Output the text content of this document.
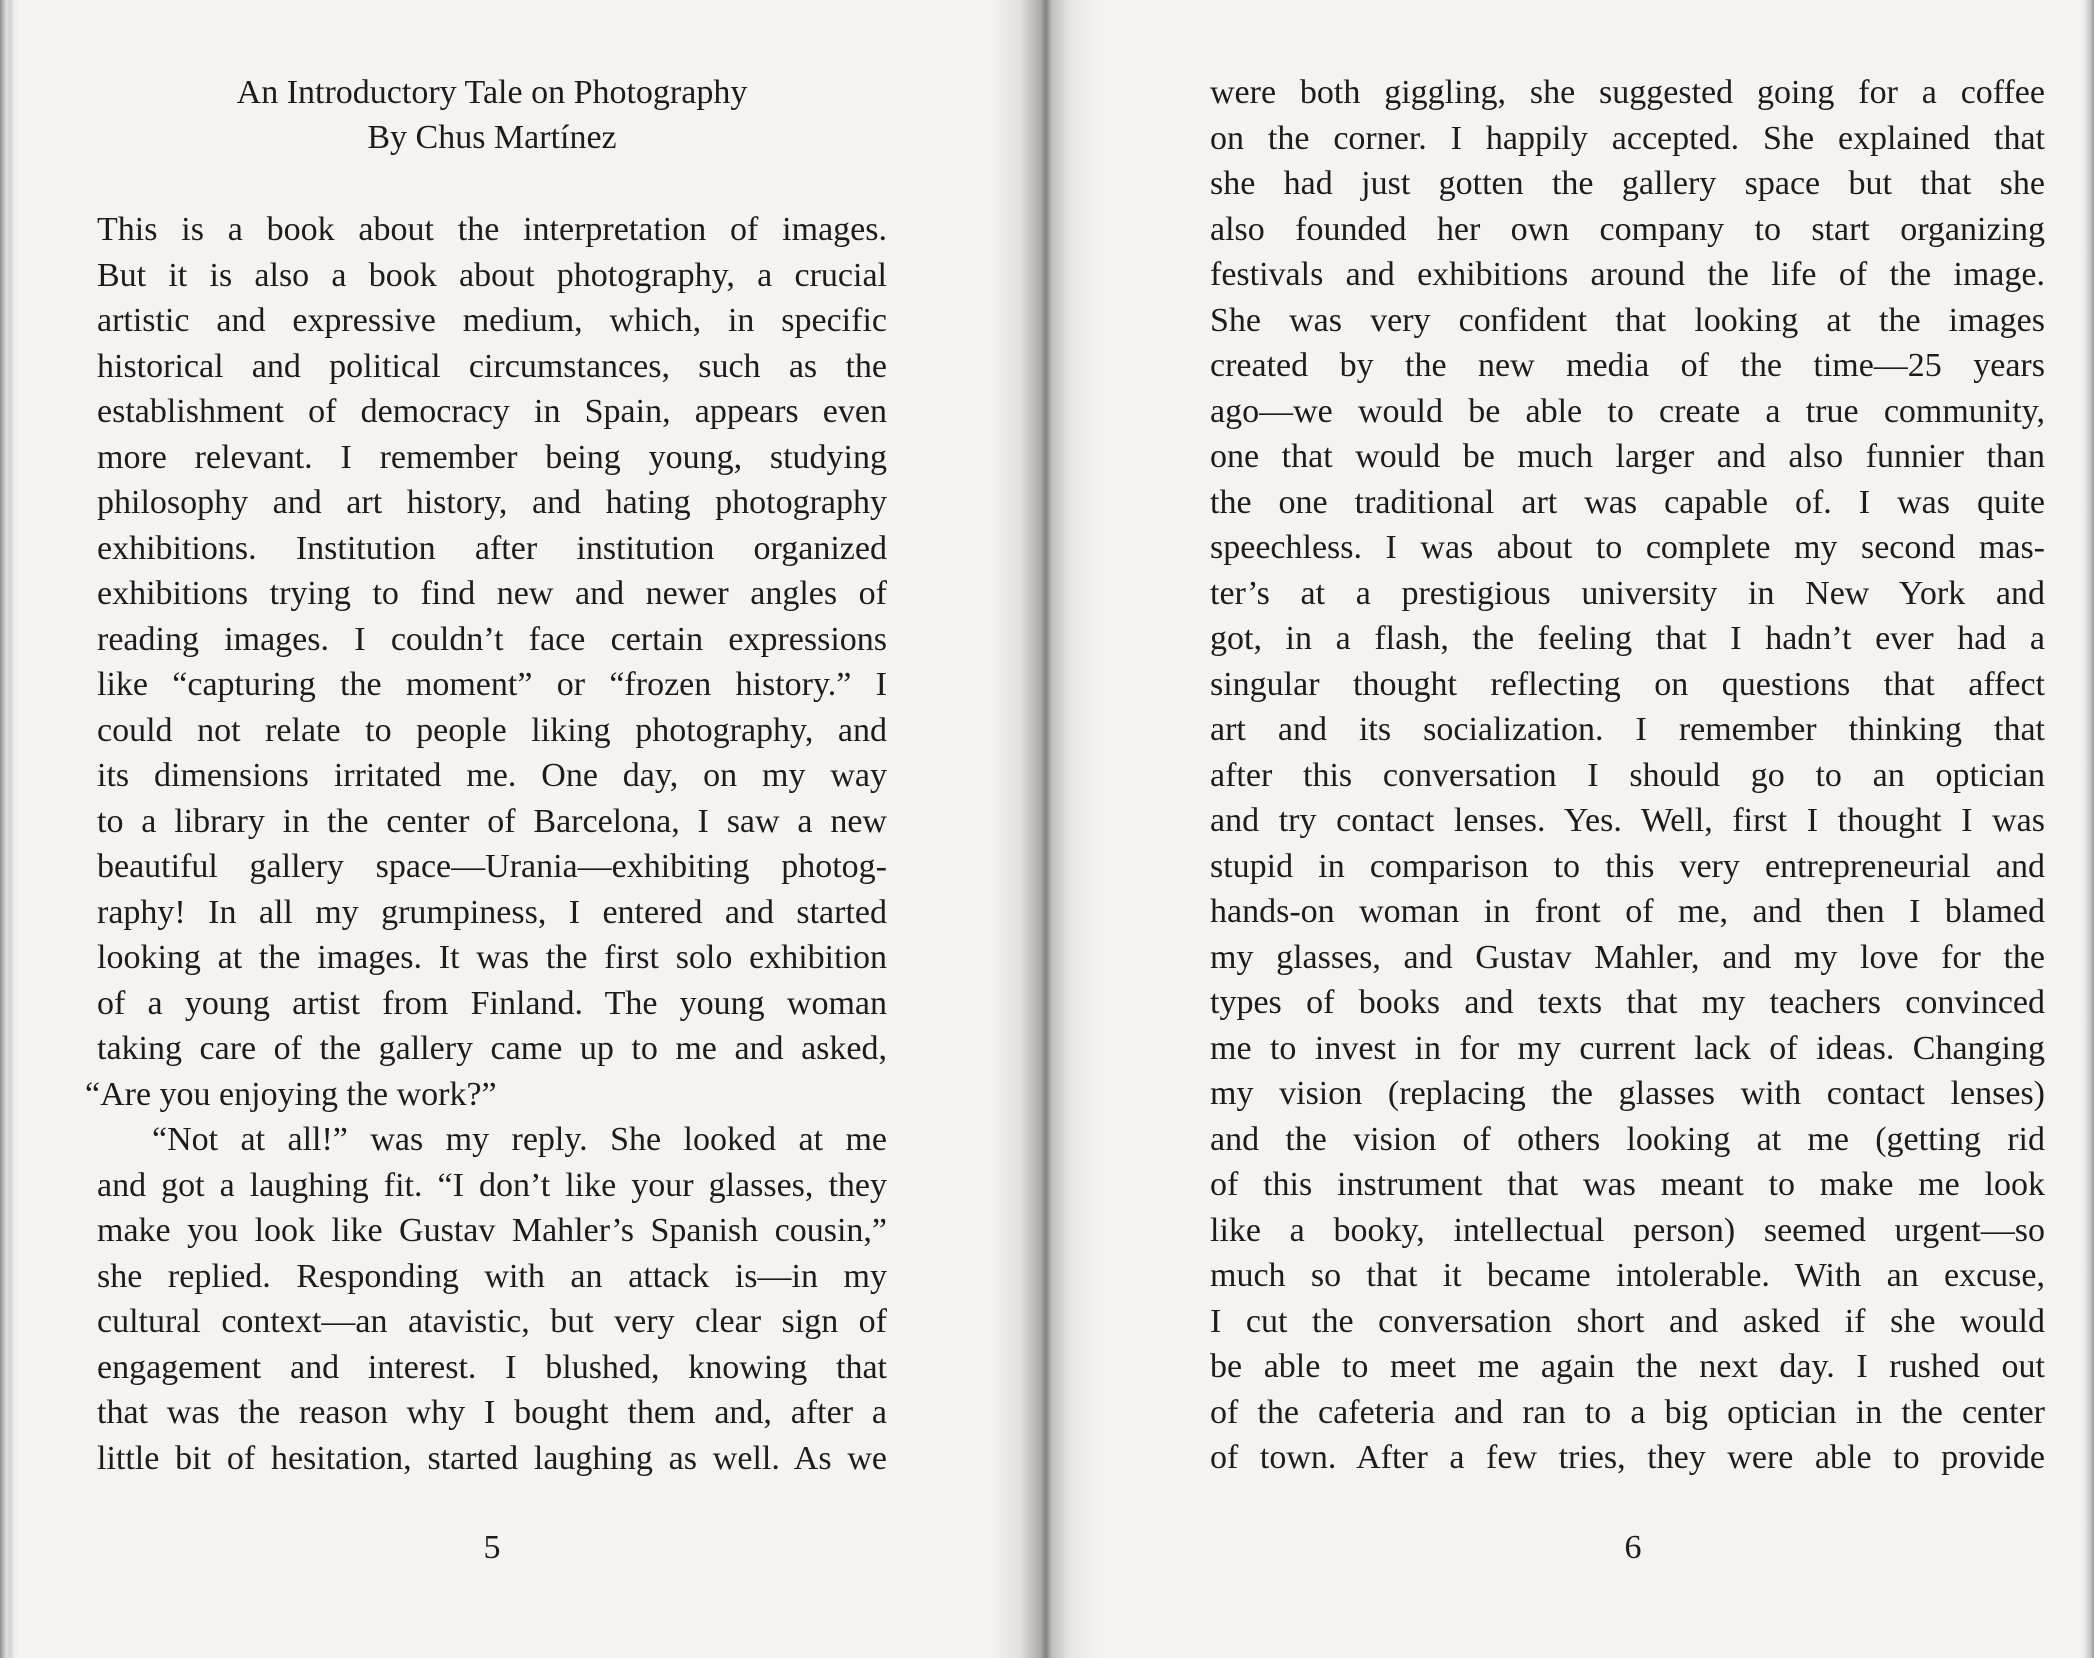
An Introductory Tale on Photography
By Chus Martínez
This is a book about the interpretation of images.
But it is also a book about photography, a crucial
artistic and expressive medium, which, in specific
historical and political circumstances, such as the
establishment of democracy in Spain, appears even
more relevant. I remember being young, studying
philosophy and art history, and hating photography
exhibitions. Institution after institution organized
exhibitions trying to find new and newer angles of
reading images. I couldn’t face certain expressions
like “capturing the moment” or “frozen history.” I
could not relate to people liking photography, and
its dimensions irritated me. One day, on my way
to a library in the center of Barcelona, I saw a new
beautiful gallery space—Urania—exhibiting photog-
raphy! In all my grumpiness, I entered and started
looking at the images. It was the first solo exhibition
of a young artist from Finland. The young woman
taking care of the gallery came up to me and asked,
“Are you enjoying the work?”
“Not at all!” was my reply. She looked at me
and got a laughing fit. “I don’t like your glasses, they
make you look like Gustav Mahler’s Spanish cousin,”
she replied. Responding with an attack is—in my
cultural context—an atavistic, but very clear sign of
engagement and interest. I blushed, knowing that
that was the reason why I bought them and, after a
little bit of hesitation, started laughing as well. As we
5
were both giggling, she suggested going for a coffee
on the corner. I happily accepted. She explained that
she had just gotten the gallery space but that she
also founded her own company to start organizing
festivals and exhibitions around the life of the image.
She was very confident that looking at the images
created by the new media of the time—25 years
ago—we would be able to create a true community,
one that would be much larger and also funnier than
the one traditional art was capable of. I was quite
speechless. I was about to complete my second mas-
ter’s at a prestigious university in New York and
got, in a flash, the feeling that I hadn’t ever had a
singular thought reflecting on questions that affect
art and its socialization. I remember thinking that
after this conversation I should go to an optician
and try contact lenses. Yes. Well, first I thought I was
stupid in comparison to this very entrepreneurial and
hands-on woman in front of me, and then I blamed
my glasses, and Gustav Mahler, and my love for the
types of books and texts that my teachers convinced
me to invest in for my current lack of ideas. Changing
my vision (replacing the glasses with contact lenses)
and the vision of others looking at me (getting rid
of this instrument that was meant to make me look
like a booky, intellectual person) seemed urgent—so
much so that it became intolerable. With an excuse,
I cut the conversation short and asked if she would
be able to meet me again the next day. I rushed out
of the cafeteria and ran to a big optician in the center
of town. After a few tries, they were able to provide
6
